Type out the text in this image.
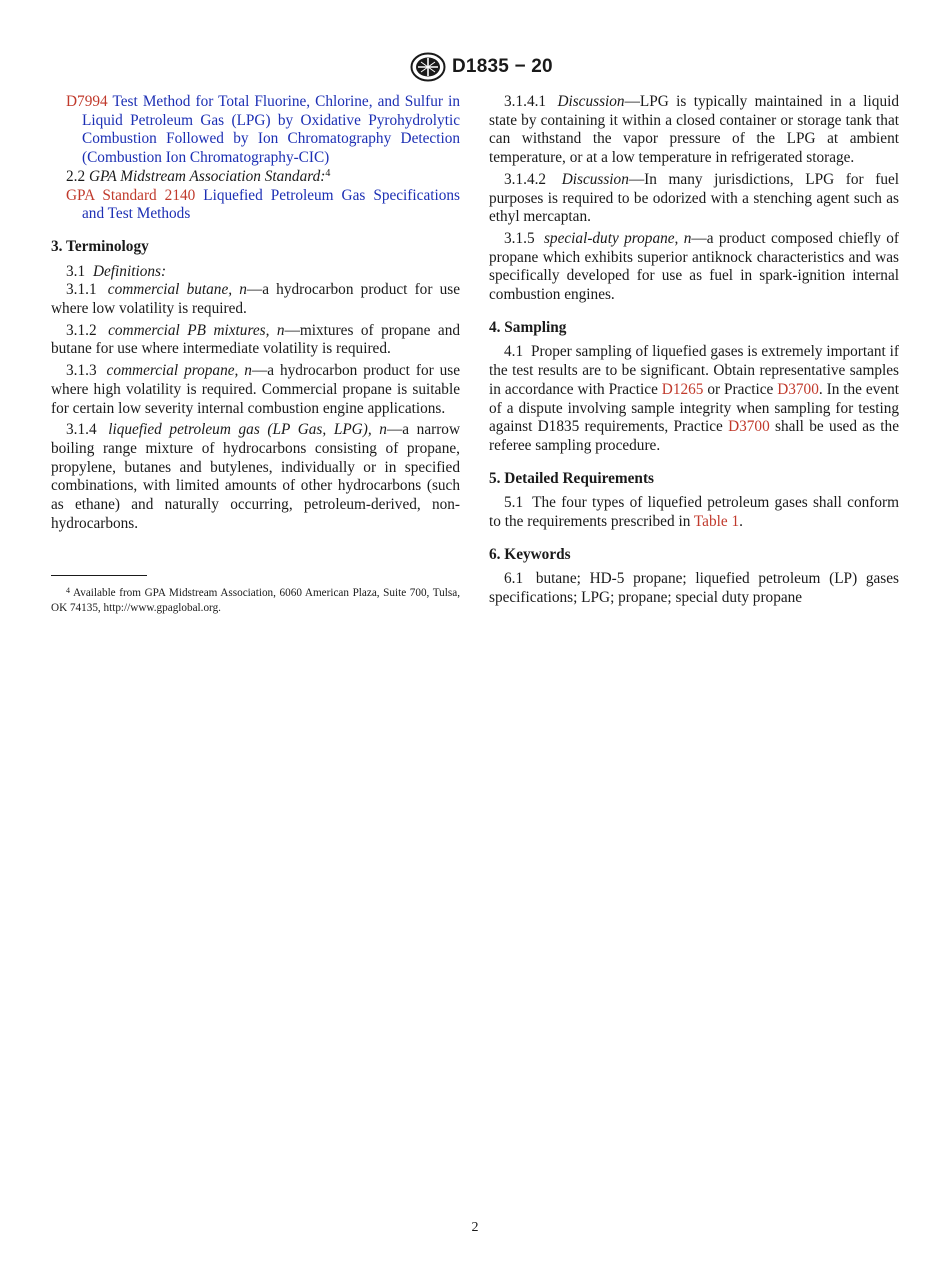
D1835 − 20

D7994 Test Method for Total Fluorine, Chlorine, and Sulfur in Liquid Petroleum Gas (LPG) by Oxidative Pyrohydrolytic Combustion Followed by Ion Chromatography Detection (Combustion Ion Chromatography-CIC)

2.2 GPA Midstream Association Standard:$^4$

GPA Standard 2140 Liquefied Petroleum Gas Specifications and Test Methods

3. Terminology

3.1 Definitions:

3.1.1 commercial butane, n—a hydrocarbon product for use where low volatility is required.

3.1.2 commercial PB mixtures, n—mixtures of propane and butane for use where intermediate volatility is required.

3.1.3 commercial propane, n—a hydrocarbon product for use where high volatility is required. Commercial propane is suitable for certain low severity internal combustion engine applications.

3.1.4 liquefied petroleum gas (LP Gas, LPG), n—a narrow boiling range mixture of hydrocarbons consisting of propane, propylene, butanes and butylenes, individually or in specified combinations, with limited amounts of other hydrocarbons (such as ethane) and naturally occurring, petroleum-derived, non-hydrocarbons.

$^4$ Available from GPA Midstream Association, 6060 American Plaza, Suite 700, Tulsa, OK 74135, http://www.gpaglobal.org.

3.1.4.1 Discussion—LPG is typically maintained in a liquid state by containing it within a closed container or storage tank that can withstand the vapor pressure of the LPG at ambient temperature, or at a low temperature in refrigerated storage.

3.1.4.2 Discussion—In many jurisdictions, LPG for fuel purposes is required to be odorized with a stenching agent such as ethyl mercaptan.

3.1.5 special-duty propane, n—a product composed chiefly of propane which exhibits superior antiknock characteristics and was specifically developed for use as fuel in spark-ignition internal combustion engines.

4. Sampling

4.1 Proper sampling of liquefied gases is extremely important if the test results are to be significant. Obtain representative samples in accordance with Practice D1265 or Practice D3700. In the event of a dispute involving sample integrity when sampling for testing against D1835 requirements, Practice D3700 shall be used as the referee sampling procedure.

5. Detailed Requirements

5.1 The four types of liquefied petroleum gases shall conform to the requirements prescribed in Table 1.

6. Keywords

6.1 butane; HD-5 propane; liquefied petroleum (LP) gases specifications; LPG; propane; special duty propane

2
